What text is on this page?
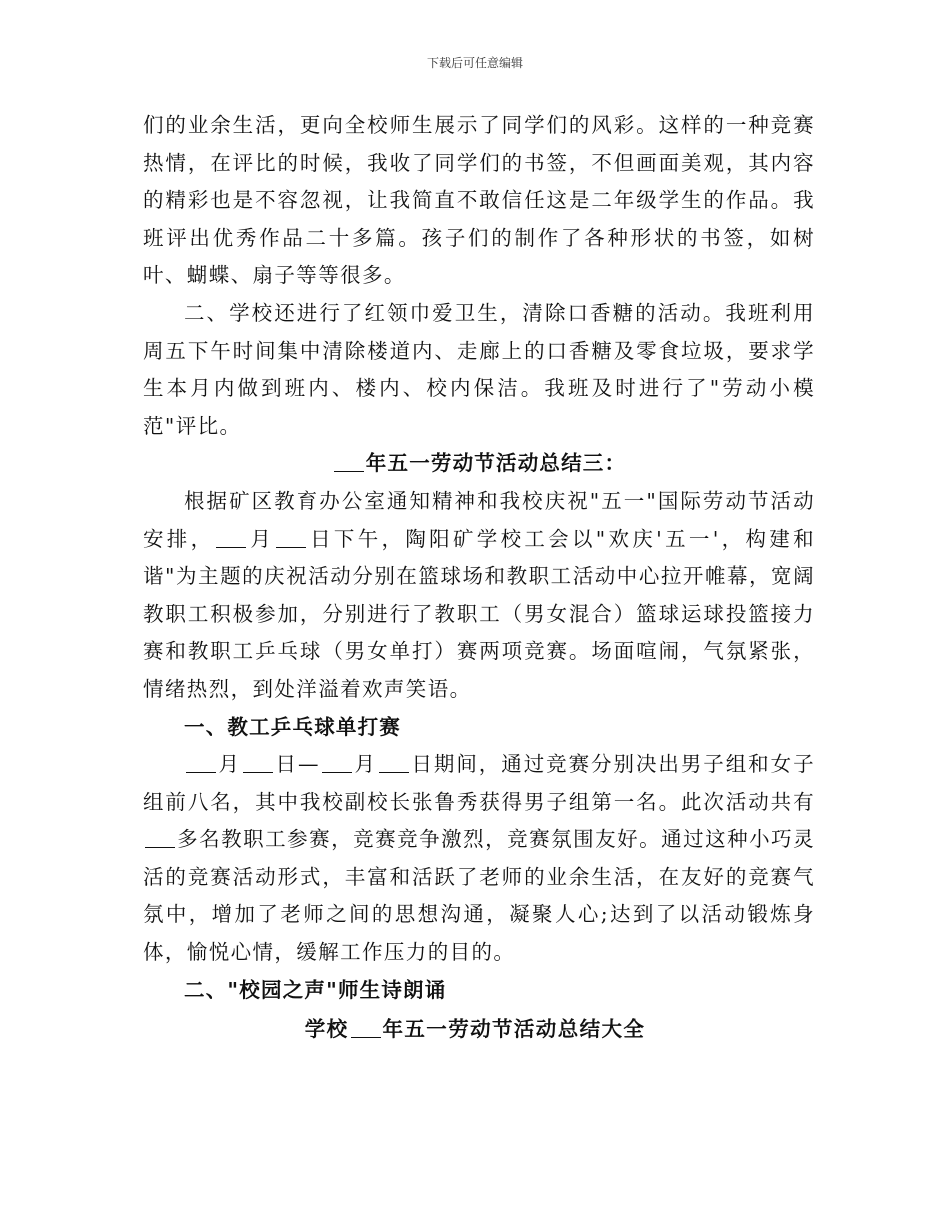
下载后可任意编辑

们的业余生活，更向全校师生展示了同学们的风彩。这样的一种竞赛热情，在评比的时候，我收了同学们的书签，不但画面美观，其内容的精彩也是不容忽视，让我简直不敢信任这是二年级学生的作品。我班评出优秀作品二十多篇。孩子们的制作了各种形状的书签，如树叶、蝴蝶、扇子等等很多。

二、学校还进行了红领巾爱卫生，清除口香糖的活动。我班利用周五下午时间集中清除楼道内、走廊上的口香糖及零食垃圾，要求学生本月内做到班内、楼内、校内保洁。我班及时进行了"劳动小模范"评比。

年五一劳动节活动总结三：

根据矿区教育办公室通知精神和我校庆祝"五一"国际劳动节活动安排， 月 日下午，陶阳矿学校工会以"欢庆'五一'，构建和谐"为主题的庆祝活动分别在篮球场和教职工活动中心拉开帷幕，宽阔教职工积极参加，分别进行了教职工（男女混合）篮球运球投篮接力赛和教职工乒乓球（男女单打）赛两项竞赛。场面喧闹，气氛紧张，情绪热烈，到处洋溢着欢声笑语。

一、教工乒乓球单打赛

月 日— 月 日期间，通过竞赛分别决出男子组和女子组前八名，其中我校副校长张鲁秀获得男子组第一名。此次活动共有多名教职工参赛，竞赛竞争激烈，竞赛氛围友好。通过这种小巧灵活的竞赛活动形式，丰富和活跃了老师的业余生活，在友好的竞赛气氛中，增加了老师之间的思想沟通，凝聚人心;达到了以活动锻炼身体，愉悦心情，缓解工作压力的目的。

二、"校园之声"师生诗朗诵

学校 年五一劳动节活动总结大全
